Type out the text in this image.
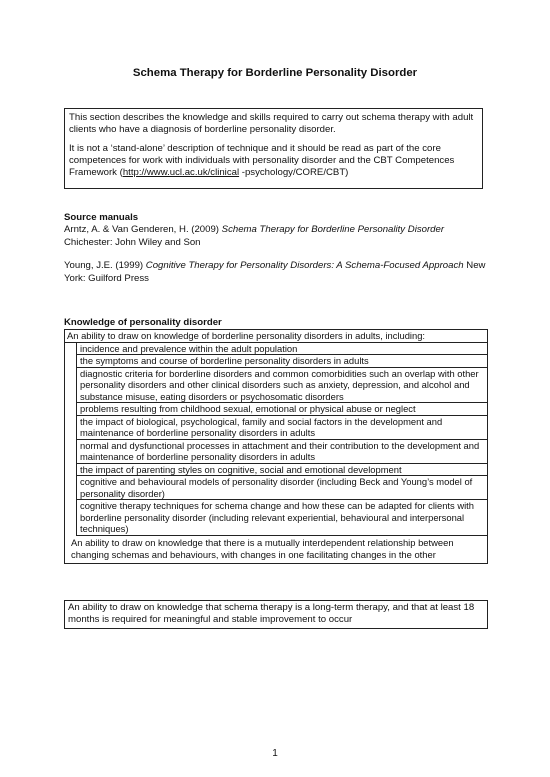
Schema Therapy for Borderline Personality Disorder

This section describes the knowledge and skills required to carry out schema therapy with adult clients who have a diagnosis of borderline personality disorder.

It is not a ‘stand-alone’ description of technique and it should be read as part of the core competences for work with individuals with personality disorder and the CBT Competences Framework (http://www.ucl.ac.uk/clinical -psychology/CORE/CBT)

Source manuals
Arntz, A. & Van Genderen, H. (2009) Schema Therapy for Borderline Personality Disorder
Chichester: John Wiley and Son
Young, J.E. (1999) Cognitive Therapy for Personality Disorders: A Schema-Focused Approach New York: Guilford Press
Knowledge of personality disorder
An ability to draw on knowledge of borderline personality disorders in adults, including:
incidence and prevalence within the adult population
the symptoms and course of borderline personality disorders in adults
diagnostic criteria for borderline disorders and common comorbidities such an overlap with other personality disorders and other clinical disorders such as anxiety, depression, and alcohol and substance misuse, eating disorders or psychosomatic disorders
problems resulting from childhood sexual, emotional or physical abuse or neglect
the impact of biological, psychological, family and social factors in the development and maintenance of borderline personality disorders in adults
normal and dysfunctional processes in attachment and their contribution to the development and maintenance of borderline personality disorders in adults
the impact of parenting styles on cognitive, social and emotional development
cognitive and behavioural models of personality disorder (including Beck and Young’s model of personality disorder)
cognitive therapy techniques for schema change and how these can be adapted for clients with borderline personality disorder (including relevant experiential, behavioural and interpersonal techniques)
An ability to draw on knowledge that there is a mutually interdependent relationship between changing schemas and behaviours, with changes in one facilitating changes in the other
An ability to draw on knowledge that schema therapy is a long-term therapy, and that at least 18 months is required for meaningful and stable improvement to occur
1
